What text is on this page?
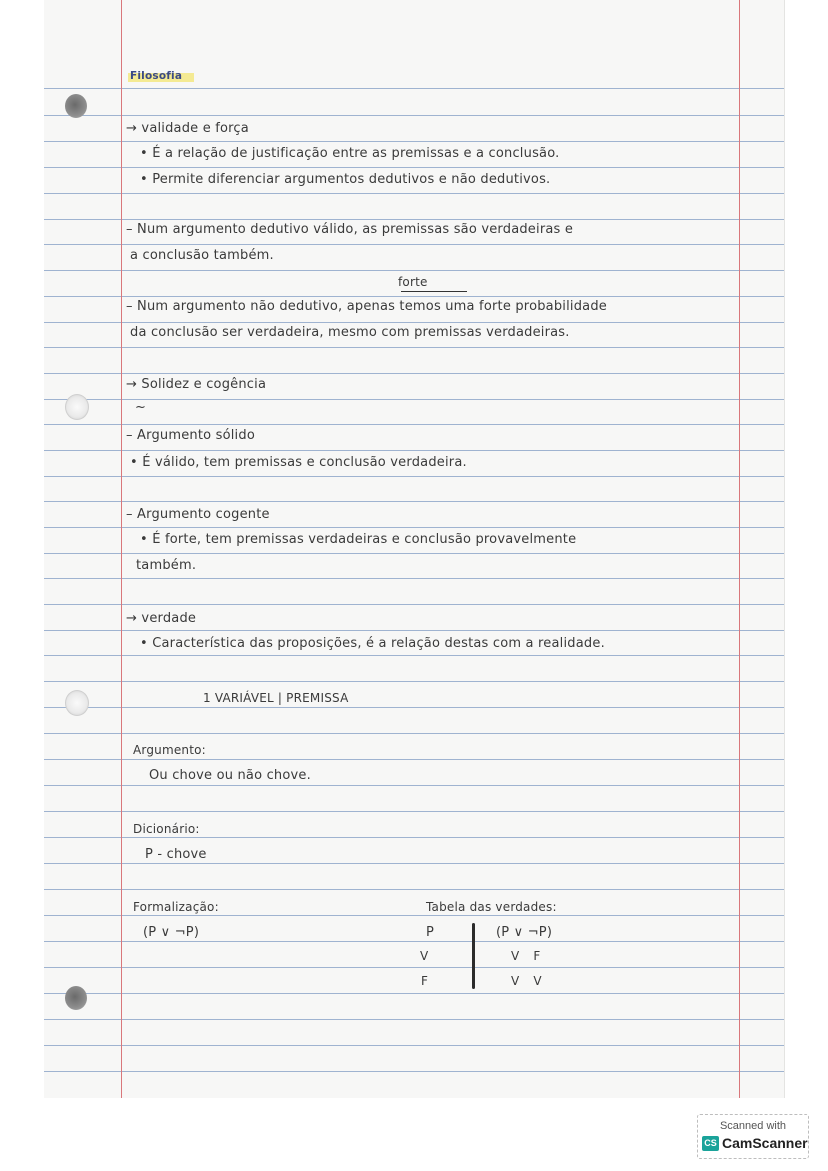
Filosofia
→ validade e força
• É a relação de justificação entre as premissas e a conclusão.
• Permite diferenciar argumentos dedutivos e não dedutivos.
– Num argumento dedutivo válido, as premissas são verdadeiras e
a conclusão também.
forte
– Num argumento não dedutivo, apenas temos uma forte probabilidade
da conclusão ser verdadeira, mesmo com premissas verdadeiras.
→ Solidez e cogência
~
– Argumento sólido
• É válido, tem premissas e conclusão verdadeira.
– Argumento cogente
• É forte, tem premissas verdadeiras e conclusão provavelmente
também.
→ verdade
• Característica das proposições, é a relação destas com a realidade.
1 VARIÁVEL | PREMISSA
Argumento:
Ou chove ou não chove.
Dicionário:
P - chove
Formalização:
(P ∨ ¬P)
Tabela das verdades:
P	(P ∨ ¬P)
V	V F
F	V V
Scanned with
CS CamScanner
